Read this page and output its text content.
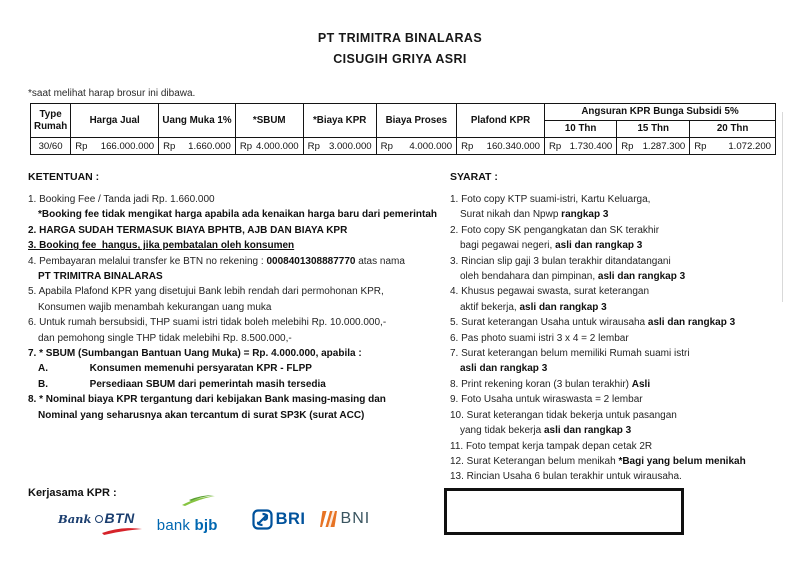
PT TRIMITRA BINALARAS
CISUGIH GRIYA ASRI
*saat melihat harap brosur ini dibawa.
Type Rumah	Harga Jual	Uang Muka 1%	*SBUM	*Biaya KPR	Biaya Proses	Plafond KPR	Angsuran KPR Bunga Subsidi 5%		
							10 Thn	15 Thn	20 Thn
30/60	Rp 166.000.000	Rp 1.660.000	Rp 4.000.000	Rp 3.000.000	Rp 4.000.000	Rp 160.340.000	Rp 1.730.400	Rp 1.287.300	Rp 1.072.200
KETENTUAN :
1. Booking Fee / Tanda jadi Rp. 1.660.000
*Booking fee tidak mengikat harga apabila ada kenaikan harga baru dari pemerintah
2. HARGA SUDAH TERMASUK BIAYA BPHTB, AJB DAN BIAYA KPR
3. Booking fee  hangus, jika pembatalan oleh konsumen
4. Pembayaran melalui transfer ke BTN no rekening : 0008401308887770 atas nama
PT TRIMITRA BINALARAS
5. Apabila Plafond KPR yang disetujui Bank lebih rendah dari permohonan KPR,
Konsumen wajib menambah kekurangan uang muka
6. Untuk rumah bersubsidi, THP suami istri tidak boleh melebihi Rp. 10.000.000,-
dan pemohong single THP tidak melebihi Rp. 8.500.000,-
7. * SBUM (Sumbangan Bantuan Uang Muka) = Rp. 4.000.000, apabila :
A.               Konsumen memenuhi persyaratan KPR - FLPP
B.               Persediaan SBUM dari pemerintah masih tersedia
8. * Nominal biaya KPR tergantung dari kebijakan Bank masing-masing dan
Nominal yang seharusnya akan tercantum di surat SP3K (surat ACC)
SYARAT :
1. Foto copy KTP suami-istri, Kartu Keluarga,
Surat nikah dan Npwp rangkap 3
2. Foto copy SK pengangkatan dan SK terakhir
bagi pegawai negeri, asli dan rangkap 3
3. Rincian slip gaji 3 bulan terakhir ditandatangani
oleh bendahara dan pimpinan, asli dan rangkap 3
4. Khusus pegawai swasta, surat keterangan
aktif bekerja, asli dan rangkap 3
5. Surat keterangan Usaha untuk wirausaha asli dan rangkap 3
6. Pas photo suami istri 3 x 4 = 2 lembar
7. Surat keterangan belum memiliki Rumah suami istri
asli dan rangkap 3
8. Print rekening koran (3 bulan terakhir) Asli
9. Foto Usaha untuk wiraswasta = 2 lembar
10. Surat keterangan tidak bekerja untuk pasangan
yang tidak bekerja asli dan rangkap 3
11. Foto tempat kerja tampak depan cetak 2R
12. Surat Keterangan belum menikah *Bagi yang belum menikah
13. Rincian Usaha 6 bulan terakhir untuk wirausaha.
Kerjasama KPR :
Bank BTN bank bjb	BRI BNI
